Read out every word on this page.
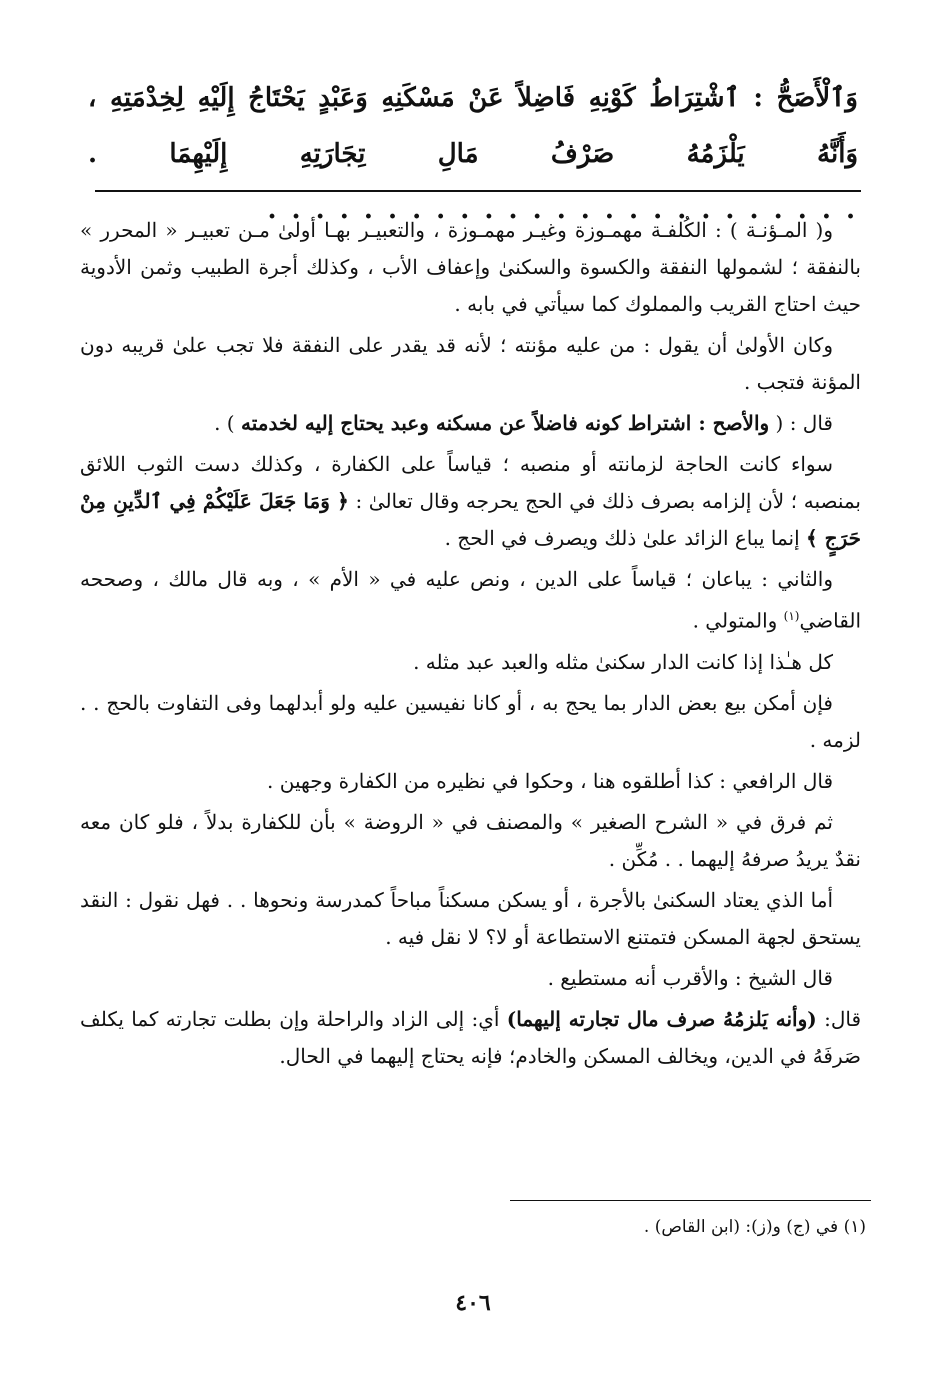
وَٱلْأَصَحُّ : ٱشْتِرَاطُ كَوْنِهِ فَاضِلاً عَنْ مَسْكَنِهِ وَعَبْدٍ يَحْتَاجُ إِلَيْهِ لِخِدْمَتِهِ ، وَأَنَّهُ يَلْزَمُهُ صَرْفُ مَالِ تِجَارَتِهِ إِلَيْهِمَا . . . . . . . . . . . . . . . . . . . . . . . . . .

و( المـؤنـة ) : الكُلفـة مهمـوزة وغيـر مهمـوزة ، والتعبيـر بهـا أولىٰ مـن تعبيـر « المحرر » بالنفقة ؛ لشمولها النفقة والكسوة والسكنىٰ وإعفاف الأب ، وكذلك أجرة الطبيب وثمن الأدوية حيث احتاج القريب والمملوك كما سيأتي في بابه .

وكان الأولىٰ أن يقول : من عليه مؤنته ؛ لأنه قد يقدر على النفقة فلا تجب علىٰ قريبه دون المؤنة فتجب .

قال : ( والأصح : اشتراط كونه فاضلاً عن مسكنه وعبد يحتاج إليه لخدمته ) .

سواء كانت الحاجة لزمانته أو منصبه ؛ قياساً على الكفارة ، وكذلك دست الثوب اللائق بمنصبه ؛ لأن إلزامه بصرف ذلك في الحج يحرجه وقال تعالىٰ : ﴿ وَمَا جَعَلَ عَلَيْكُمْ فِي ٱلدِّينِ مِنْ حَرَجٍ ﴾ إنما يباع الزائد علىٰ ذلك ويصرف في الحج .

والثاني : يباعان ؛ قياساً على الدين ، ونص عليه في « الأم » ، وبه قال مالك ، وصححه القاضي$^{(١)}$ والمتولي .

كل هـٰذا إذا كانت الدار سكنىٰ مثله والعبد عبد مثله .

فإن أمكن بيع بعض الدار بما يحج به ، أو كانا نفيسين عليه ولو أبدلهما وفى التفاوت بالحج . . لزمه .

قال الرافعي : كذا أطلقوه هنا ، وحكوا في نظيره من الكفارة وجهين .

ثم فرق في « الشرح الصغير » والمصنف في « الروضة » بأن للكفارة بدلاً ، فلو كان معه نقدٌ يريدُ صرفهُ إليهما . . مُكِّن .

أما الذي يعتاد السكنىٰ بالأجرة ، أو يسكن مسكناً مباحاً كمدرسة ونحوها . . فهل نقول : النقد يستحق لجهة المسكن فتمتنع الاستطاعة أو لا؟ لا نقل فيه .

قال الشيخ : والأقرب أنه مستطيع .

قال: (وأنه يَلزمُهُ صرف مال تجارته إليهما) أي: إلى الزاد والراحلة وإن بطلت تجارته كما يكلف صَرفَهُ في الدين، ويخالف المسكن والخادم؛ فإنه يحتاج إليهما في الحال.

(١) في (ج) و(ز): (ابن القاص) .
٤٠٦
